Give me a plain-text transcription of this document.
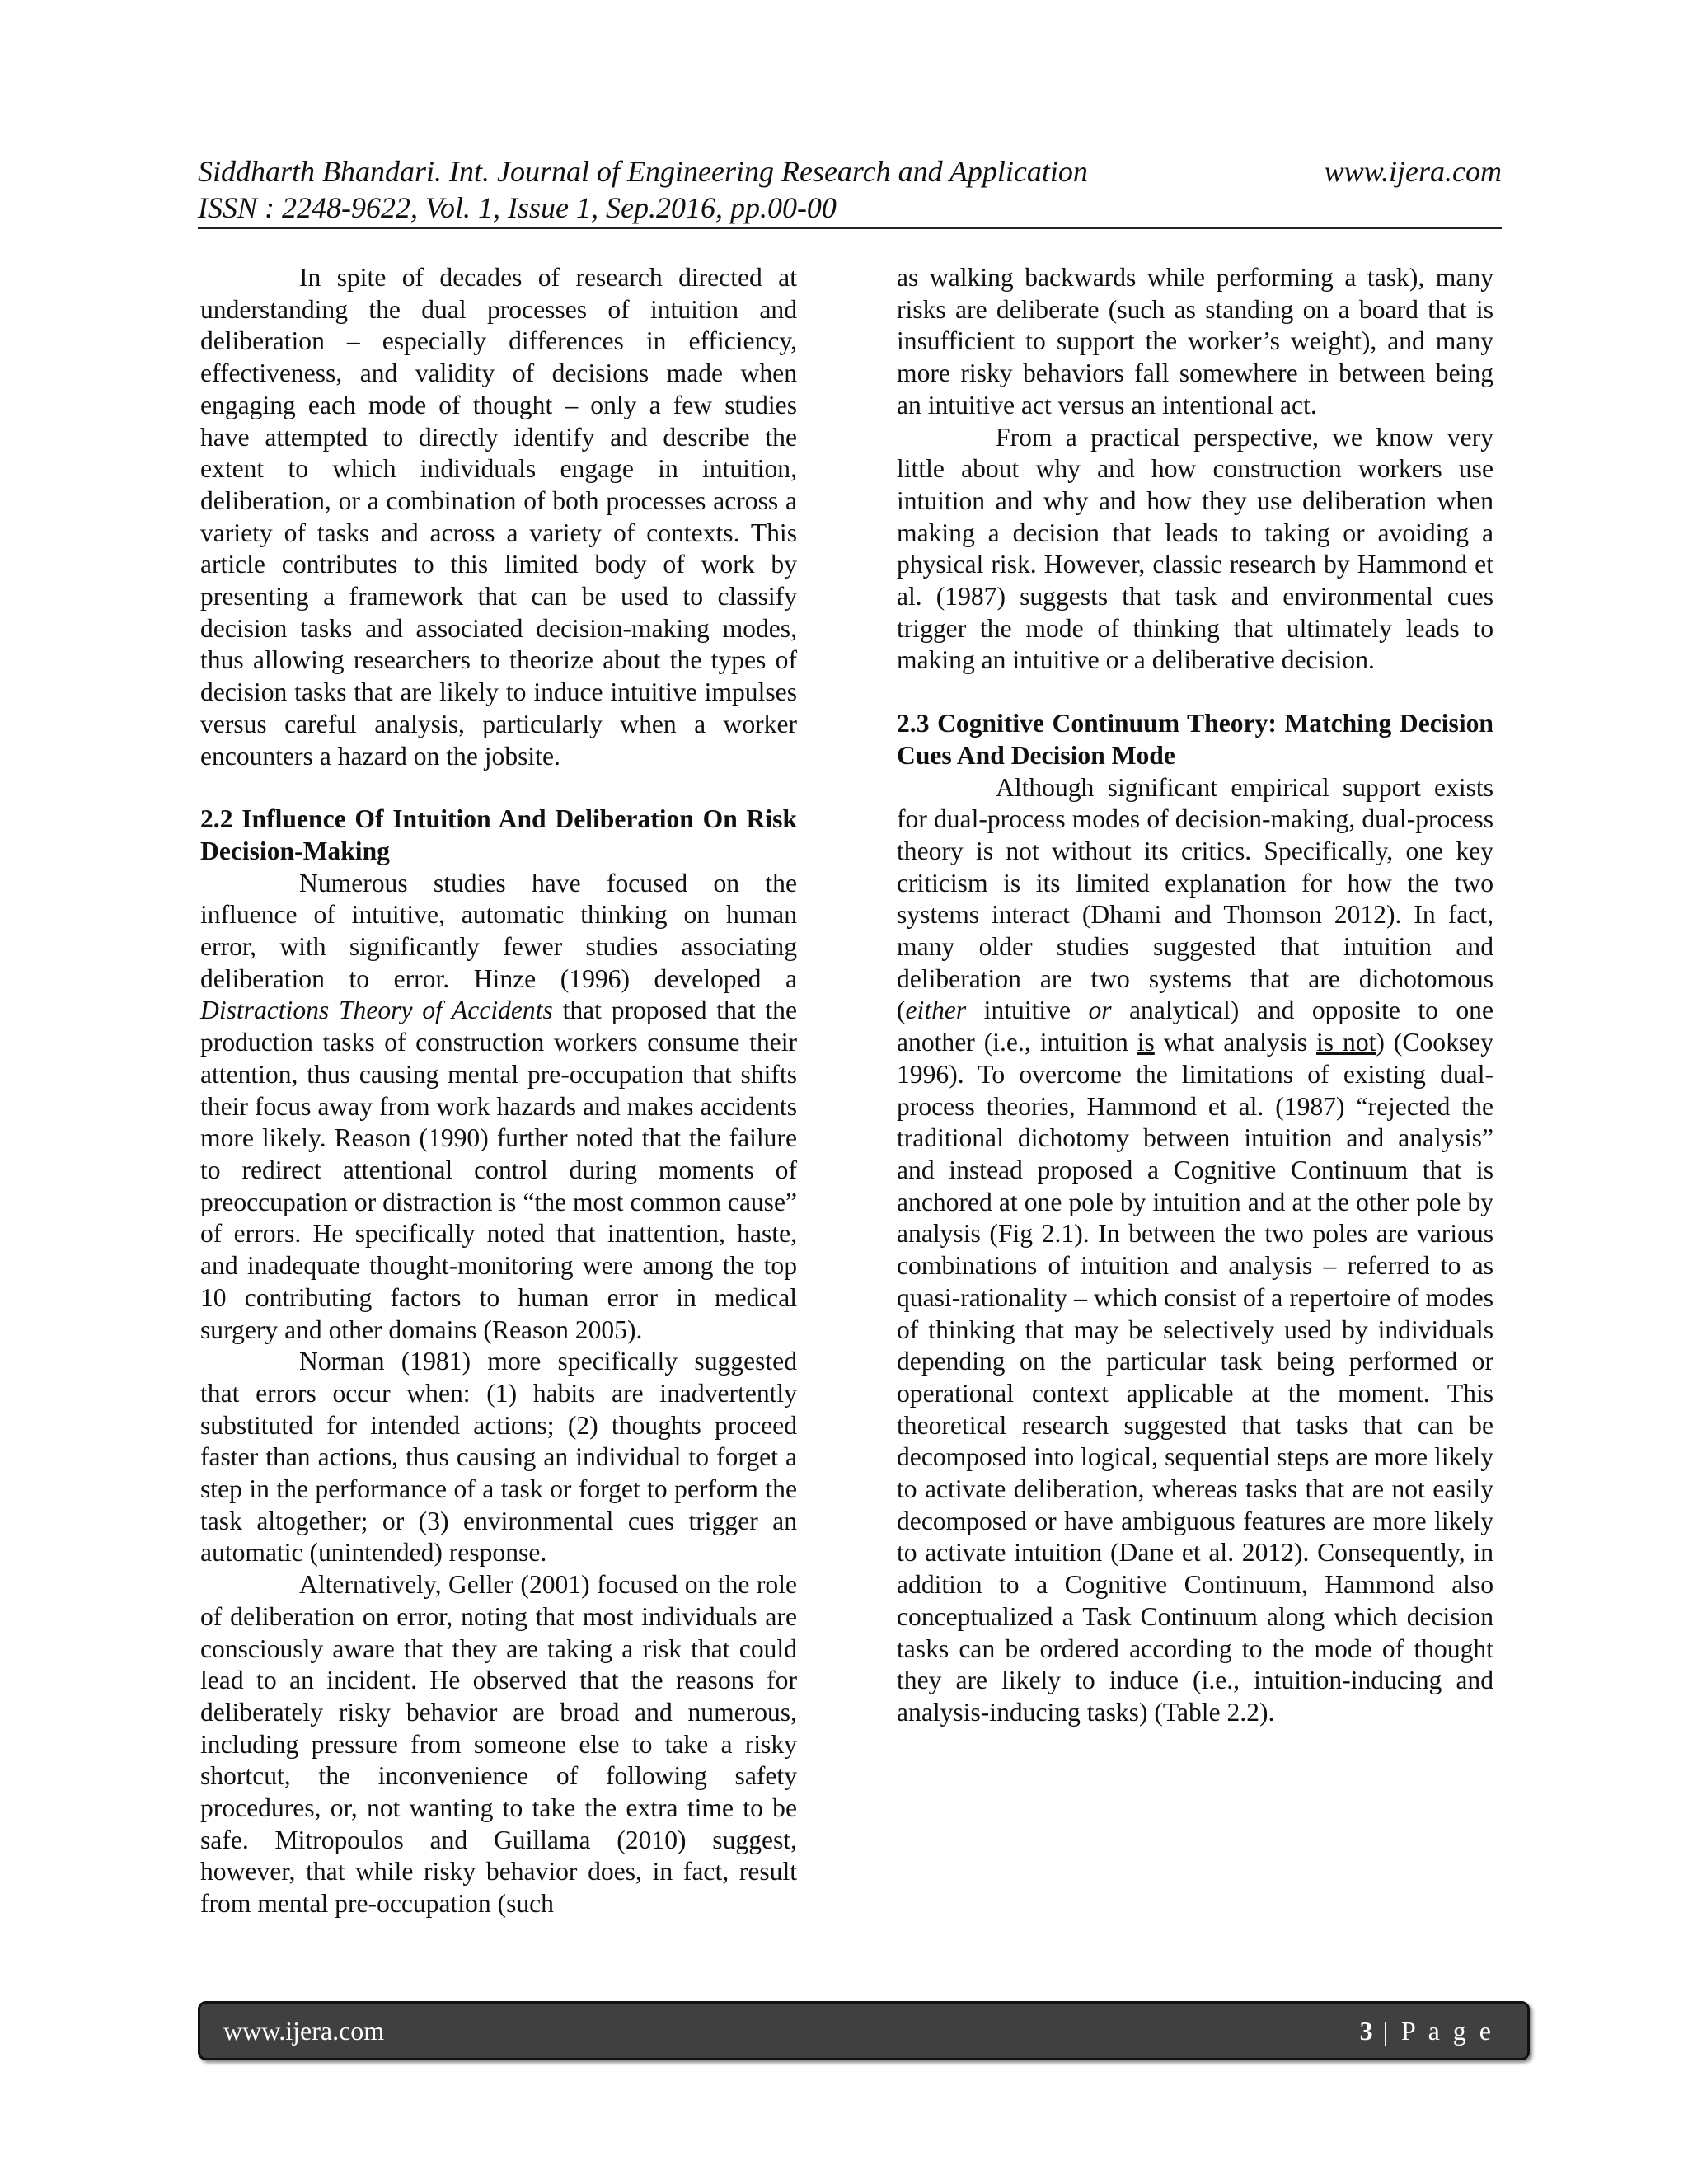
Siddharth Bhandari. Int. Journal of Engineering Research and Application	www.ijera.com
ISSN : 2248-9622, Vol. 1, Issue 1, Sep.2016, pp.00-00

In spite of decades of research directed at understanding the dual processes of intuition and deliberation – especially differences in efficiency, effectiveness, and validity of decisions made when engaging each mode of thought – only a few studies have attempted to directly identify and describe the extent to which individuals engage in intuition, deliberation, or a combination of both processes across a variety of tasks and across a variety of contexts. This article contributes to this limited body of work by presenting a framework that can be used to classify decision tasks and associated decision-making modes, thus allowing researchers to theorize about the types of decision tasks that are likely to induce intuitive impulses versus careful analysis, particularly when a worker encounters a hazard on the jobsite.

2.2 Influence Of Intuition And Deliberation On Risk Decision-Making

Numerous studies have focused on the influence of intuitive, automatic thinking on human error, with significantly fewer studies associating deliberation to error. Hinze (1996) developed a Distractions Theory of Accidents that proposed that the production tasks of construction workers consume their attention, thus causing mental pre-occupation that shifts their focus away from work hazards and makes accidents more likely. Reason (1990) further noted that the failure to redirect attentional control during moments of preoccupation or distraction is “the most common cause” of errors. He specifically noted that inattention, haste, and inadequate thought-monitoring were among the top 10 contributing factors to human error in medical surgery and other domains (Reason 2005).

Norman (1981) more specifically suggested that errors occur when: (1) habits are inadvertently substituted for intended actions; (2) thoughts proceed faster than actions, thus causing an individual to forget a step in the performance of a task or forget to perform the task altogether; or (3) environmental cues trigger an automatic (unintended) response.

Alternatively, Geller (2001) focused on the role of deliberation on error, noting that most individuals are consciously aware that they are taking a risk that could lead to an incident. He observed that the reasons for deliberately risky behavior are broad and numerous, including pressure from someone else to take a risky shortcut, the inconvenience of following safety procedures, or, not wanting to take the extra time to be safe. Mitropoulos and Guillama (2010) suggest, however, that while risky behavior does, in fact, result from mental pre-occupation (such

as walking backwards while performing a task), many risks are deliberate (such as standing on a board that is insufficient to support the worker’s weight), and many more risky behaviors fall somewhere in between being an intuitive act versus an intentional act.

From a practical perspective, we know very little about why and how construction workers use intuition and why and how they use deliberation when making a decision that leads to taking or avoiding a physical risk. However, classic research by Hammond et al. (1987) suggests that task and environmental cues trigger the mode of thinking that ultimately leads to making an intuitive or a deliberative decision.

2.3 Cognitive Continuum Theory: Matching Decision Cues And Decision Mode

Although significant empirical support exists for dual-process modes of decision-making, dual-process theory is not without its critics. Specifically, one key criticism is its limited explanation for how the two systems interact (Dhami and Thomson 2012). In fact, many older studies suggested that intuition and deliberation are two systems that are dichotomous (either intuitive or analytical) and opposite to one another (i.e., intuition is what analysis is not) (Cooksey 1996). To overcome the limitations of existing dual-process theories, Hammond et al. (1987) “rejected the traditional dichotomy between intuition and analysis” and instead proposed a Cognitive Continuum that is anchored at one pole by intuition and at the other pole by analysis (Fig 2.1). In between the two poles are various combinations of intuition and analysis – referred to as quasi-rationality – which consist of a repertoire of modes of thinking that may be selectively used by individuals depending on the particular task being performed or operational context applicable at the moment. This theoretical research suggested that tasks that can be decomposed into logical, sequential steps are more likely to activate deliberation, whereas tasks that are not easily decomposed or have ambiguous features are more likely to activate intuition (Dane et al. 2012). Consequently, in addition to a Cognitive Continuum, Hammond also conceptualized a Task Continuum along which decision tasks can be ordered according to the mode of thought they are likely to induce (i.e., intuition-inducing and analysis-inducing tasks) (Table 2.2).

www.ijera.com	3 | P a g e
